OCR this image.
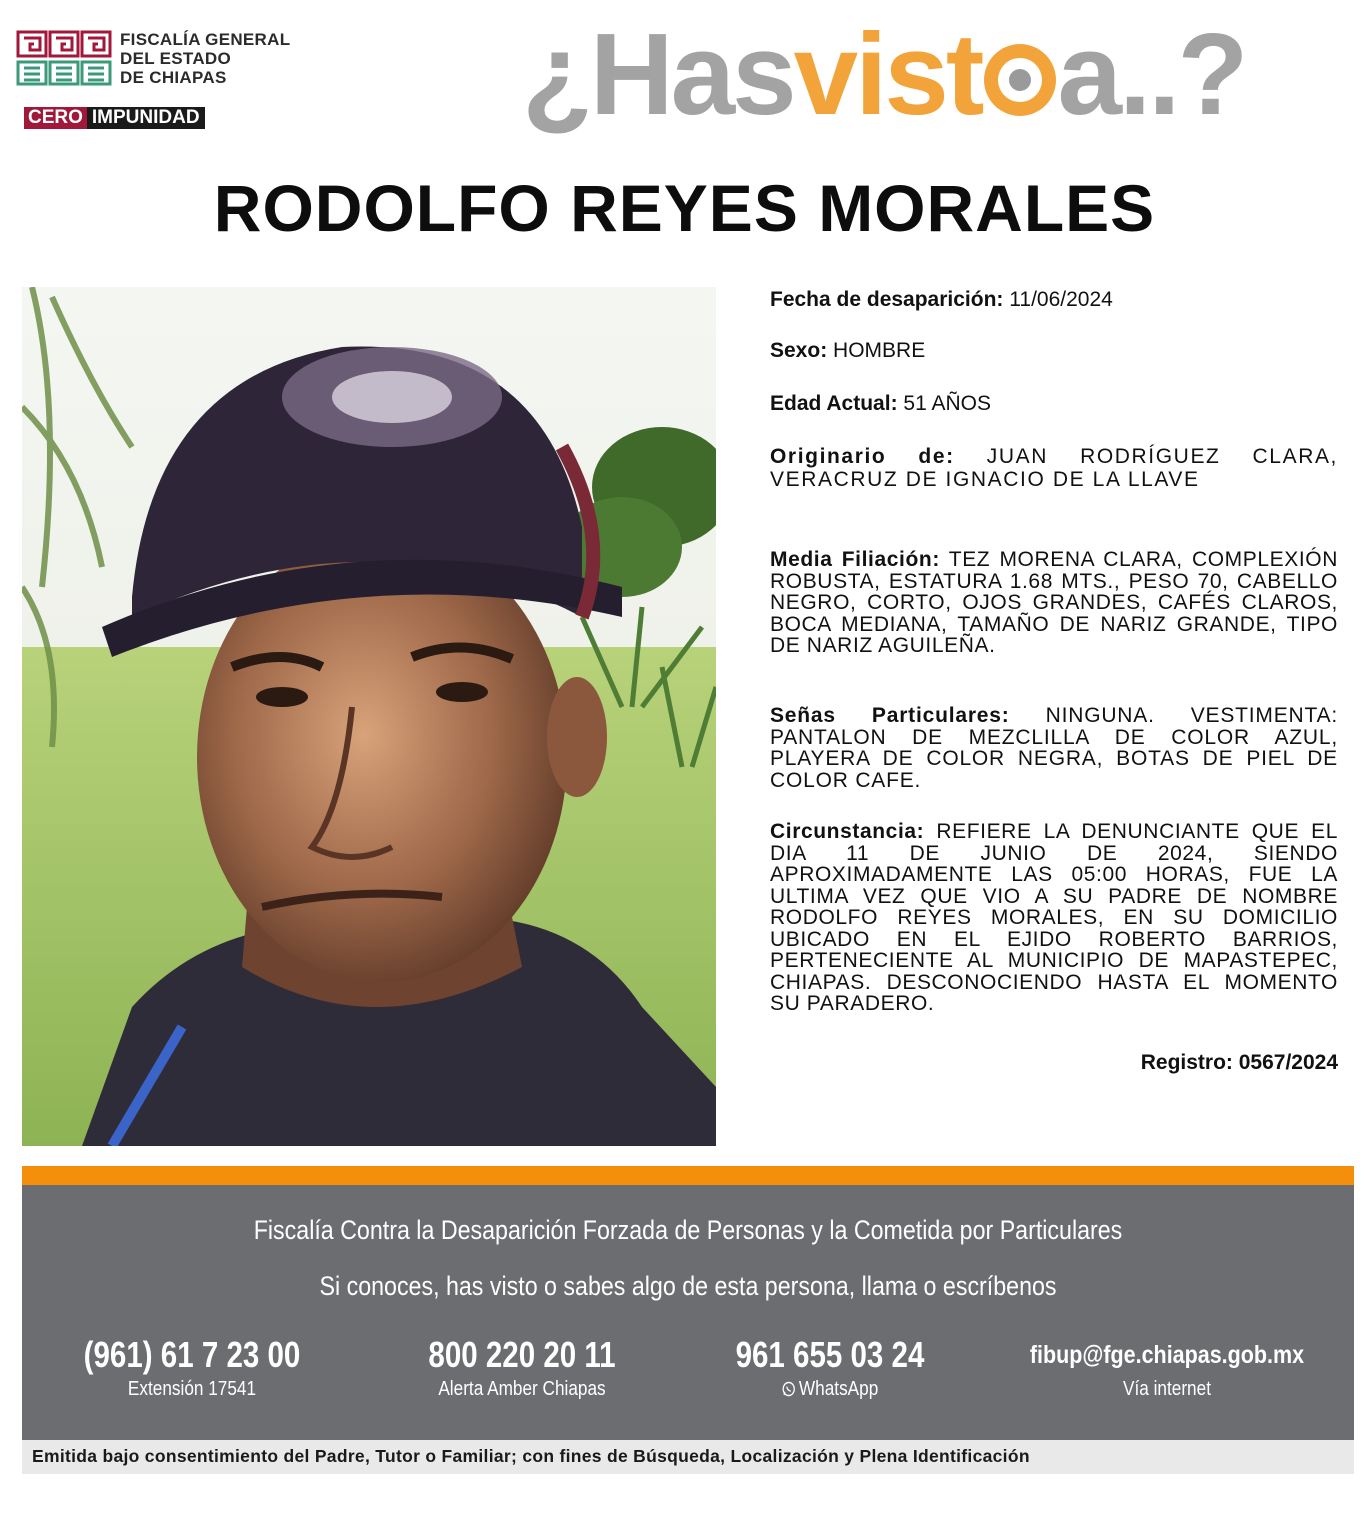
FISCALÍA GENERAL
DEL ESTADO
DE CHIAPAS
CERO IMPUNIDAD	¿Hasvist a..?
RODOLFO REYES MORALES
Fecha de desaparición: 11/06/2024
Sexo: HOMBRE
Edad Actual: 51 AÑOS
Originario de: JUAN RODRÍGUEZ CLARA, VERACRUZ DE IGNACIO DE LA LLAVE
Media Filiación: TEZ MORENA CLARA, COMPLEXIÓN ROBUSTA, ESTATURA 1.68 MTS., PESO 70, CABELLO NEGRO, CORTO, OJOS GRANDES, CAFÉS CLAROS, BOCA MEDIANA, TAMAÑO DE NARIZ GRANDE, TIPO DE NARIZ AGUILEÑA.
Señas Particulares: NINGUNA. VESTIMENTA: PANTALON DE MEZCLILLA DE COLOR AZUL, PLAYERA DE COLOR NEGRA, BOTAS DE PIEL DE COLOR CAFE.
Circunstancia: REFIERE LA DENUNCIANTE QUE EL DIA 11 DE JUNIO DE 2024, SIENDO APROXIMADAMENTE LAS 05:00 HORAS, FUE LA ULTIMA VEZ QUE VIO A SU PADRE DE NOMBRE RODOLFO REYES MORALES, EN SU DOMICILIO UBICADO EN EL EJIDO ROBERTO BARRIOS, PERTENECIENTE AL MUNICIPIO DE MAPASTEPEC, CHIAPAS. DESCONOCIENDO HASTA EL MOMENTO SU PARADERO.
Registro: 0567/2024
Fiscalía Contra la Desaparición Forzada de Personas y la Cometida por Particulares
Si conoces, has visto o sabes algo de esta persona, llama o escríbenos
(961) 61 7 23 00
Extensión 17541
800 220 20 11
Alerta Amber Chiapas
961 655 03 24
WhatsApp
fibup@fge.chiapas.gob.mx
Vía internet
Emitida bajo consentimiento del Padre, Tutor o Familiar; con fines de Búsqueda, Localización y Plena Identificación
